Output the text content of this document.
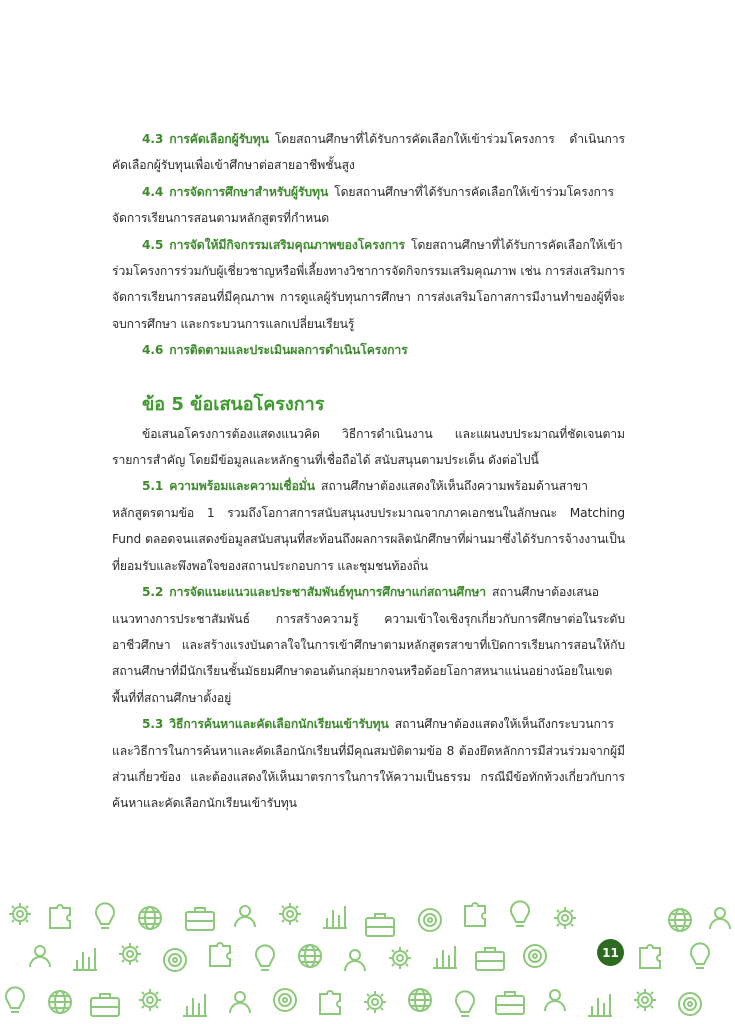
4.3 การคัดเลือกผู้รับทุน โดยสถานศึกษาที่ได้รับการคัดเลือกให้เข้าร่วมโครงการ ดำเนินการคัดเลือกผู้รับทุนเพื่อเข้าศึกษาต่อสายอาชีพชั้นสูง

4.4 การจัดการศึกษาสำหรับผู้รับทุน โดยสถานศึกษาที่ได้รับการคัดเลือกให้เข้าร่วมโครงการจัดการเรียนการสอนตามหลักสูตรที่กำหนด

4.5 การจัดให้มีกิจกรรมเสริมคุณภาพของโครงการ โดยสถานศึกษาที่ได้รับการคัดเลือกให้เข้าร่วมโครงการร่วมกับผู้เชี่ยวชาญหรือพี่เลี้ยงทางวิชาการจัดกิจกรรมเสริมคุณภาพ เช่น การส่งเสริมการจัดการเรียนการสอนที่มีคุณภาพ การดูแลผู้รับทุนการศึกษา การส่งเสริมโอกาสการมีงานทำของผู้ที่จะจบการศึกษา และกระบวนการแลกเปลี่ยนเรียนรู้

4.6 การติดตามและประเมินผลการดำเนินโครงการ

ข้อ 5 ข้อเสนอโครงการ

ข้อเสนอโครงการต้องแสดงแนวคิด วิธีการดำเนินงาน และแผนงบประมาณที่ชัดเจนตามรายการสำคัญ โดยมีข้อมูลและหลักฐานที่เชื่อถือได้ สนับสนุนตามประเด็น ดังต่อไปนี้

5.1 ความพร้อมและความเชื่อมั่น สถานศึกษาต้องแสดงให้เห็นถึงความพร้อมด้านสาขาหลักสูตรตามข้อ 1 รวมถึงโอกาสการสนับสนุนงบประมาณจากภาคเอกชนในลักษณะ Matching Fund ตลอดจนแสดงข้อมูลสนับสนุนที่สะท้อนถึงผลการผลิตนักศึกษาที่ผ่านมาซึ่งได้รับการจ้างงานเป็นที่ยอมรับและพึงพอใจของสถานประกอบการ และชุมชนท้องถิ่น

5.2 การจัดแนะแนวและประชาสัมพันธ์ทุนการศึกษาแก่สถานศึกษา สถานศึกษาต้องเสนอแนวทางการประชาสัมพันธ์ การสร้างความรู้ ความเข้าใจเชิงรุกเกี่ยวกับการศึกษาต่อในระดับอาชีวศึกษา และสร้างแรงบันดาลใจในการเข้าศึกษาตามหลักสูตรสาขาที่เปิดการเรียนการสอนให้กับสถานศึกษาที่มีนักเรียนชั้นมัธยมศึกษาตอนต้นกลุ่มยากจนหรือด้อยโอกาสหนาแน่นอย่างน้อยในเขตพื้นที่ที่สถานศึกษาตั้งอยู่

5.3 วิธีการค้นหาและคัดเลือกนักเรียนเข้ารับทุน สถานศึกษาต้องแสดงให้เห็นถึงกระบวนการและวิธีการในการค้นหาและคัดเลือกนักเรียนที่มีคุณสมบัติตามข้อ 8 ต้องยึดหลักการมีส่วนร่วมจากผู้มีส่วนเกี่ยวข้อง และต้องแสดงให้เห็นมาตรการในการให้ความเป็นธรรม กรณีมีข้อทักท้วงเกี่ยวกับการค้นหาและคัดเลือกนักเรียนเข้ารับทุน

11
